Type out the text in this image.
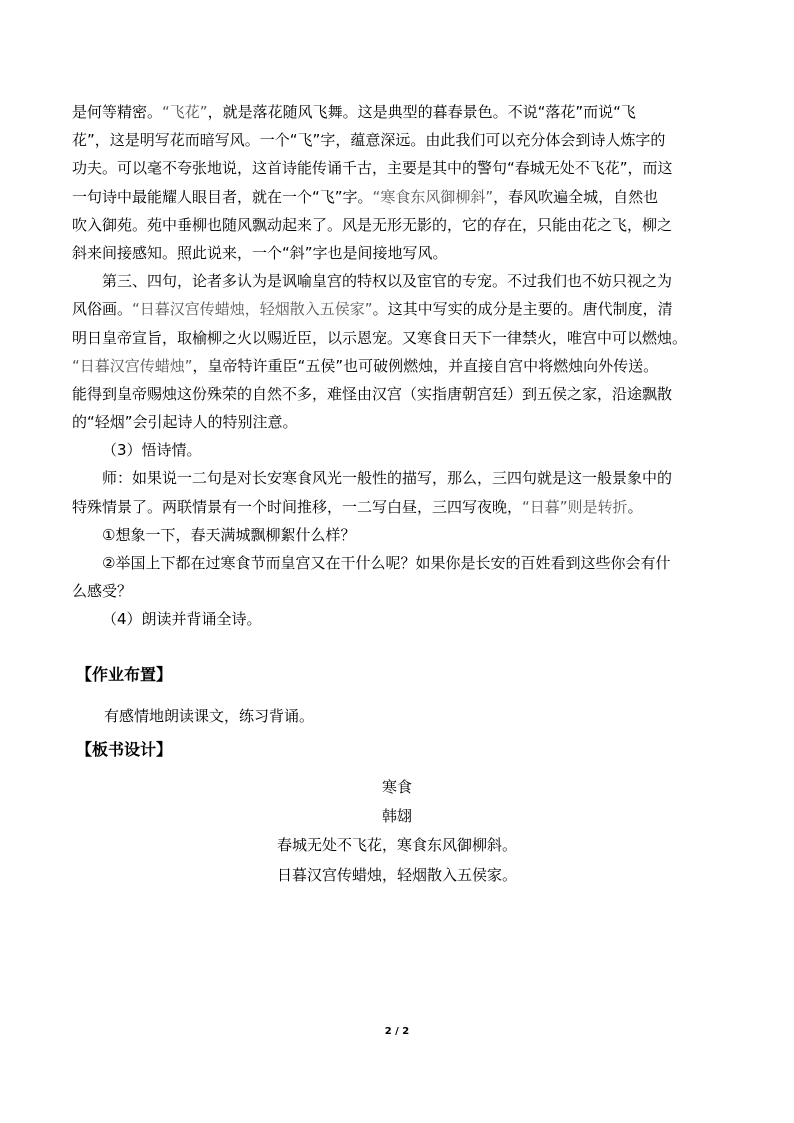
是何等精密。“飞花”，就是落花随风飞舞。这是典型的暮春景色。不说“落花”而说“飞
花”，这是明写花而暗写风。一个“飞”字，蕴意深远。由此我们可以充分体会到诗人炼字的
功夫。可以毫不夸张地说，这首诗能传诵千古，主要是其中的警句“春城无处不飞花”，而这
一句诗中最能耀人眼目者，就在一个“飞”字。“寒食东风御柳斜”，春风吹遍全城，自然也
吹入御苑。苑中垂柳也随风飘动起来了。风是无形无影的，它的存在，只能由花之飞，柳之
斜来间接感知。照此说来，一个“斜”字也是间接地写风。
第三、四句，论者多认为是讽喻皇宫的特权以及宦官的专宠。不过我们也不妨只视之为
风俗画。“日暮汉宫传蜡烛，轻烟散入五侯家”。这其中写实的成分是主要的。唐代制度，清
明日皇帝宣旨，取榆柳之火以赐近臣，以示恩宠。又寒食日天下一律禁火，唯宫中可以燃烛。
“日暮汉宫传蜡烛”，皇帝特许重臣“五侯”也可破例燃烛，并直接自宫中将燃烛向外传送。
能得到皇帝赐烛这份殊荣的自然不多，难怪由汉宫（实指唐朝宫廷）到五侯之家，沿途飘散
的“轻烟”会引起诗人的特别注意。
（3）悟诗情。
师：如果说一二句是对长安寒食风光一般性的描写，那么，三四句就是这一般景象中的
特殊情景了。两联情景有一个时间推移，一二写白昼，三四写夜晚，“日暮”则是转折。
①想象一下，春天满城飘柳絮什么样？
②举国上下都在过寒食节而皇宫又在干什么呢？如果你是长安的百姓看到这些你会有什
么感受？
（4）朗读并背诵全诗。
【作业布置】
有感情地朗读课文，练习背诵。
【板书设计】
寒食
韩翃
春城无处不飞花，寒食东风御柳斜。
日暮汉宫传蜡烛，轻烟散入五侯家。
2 / 2
